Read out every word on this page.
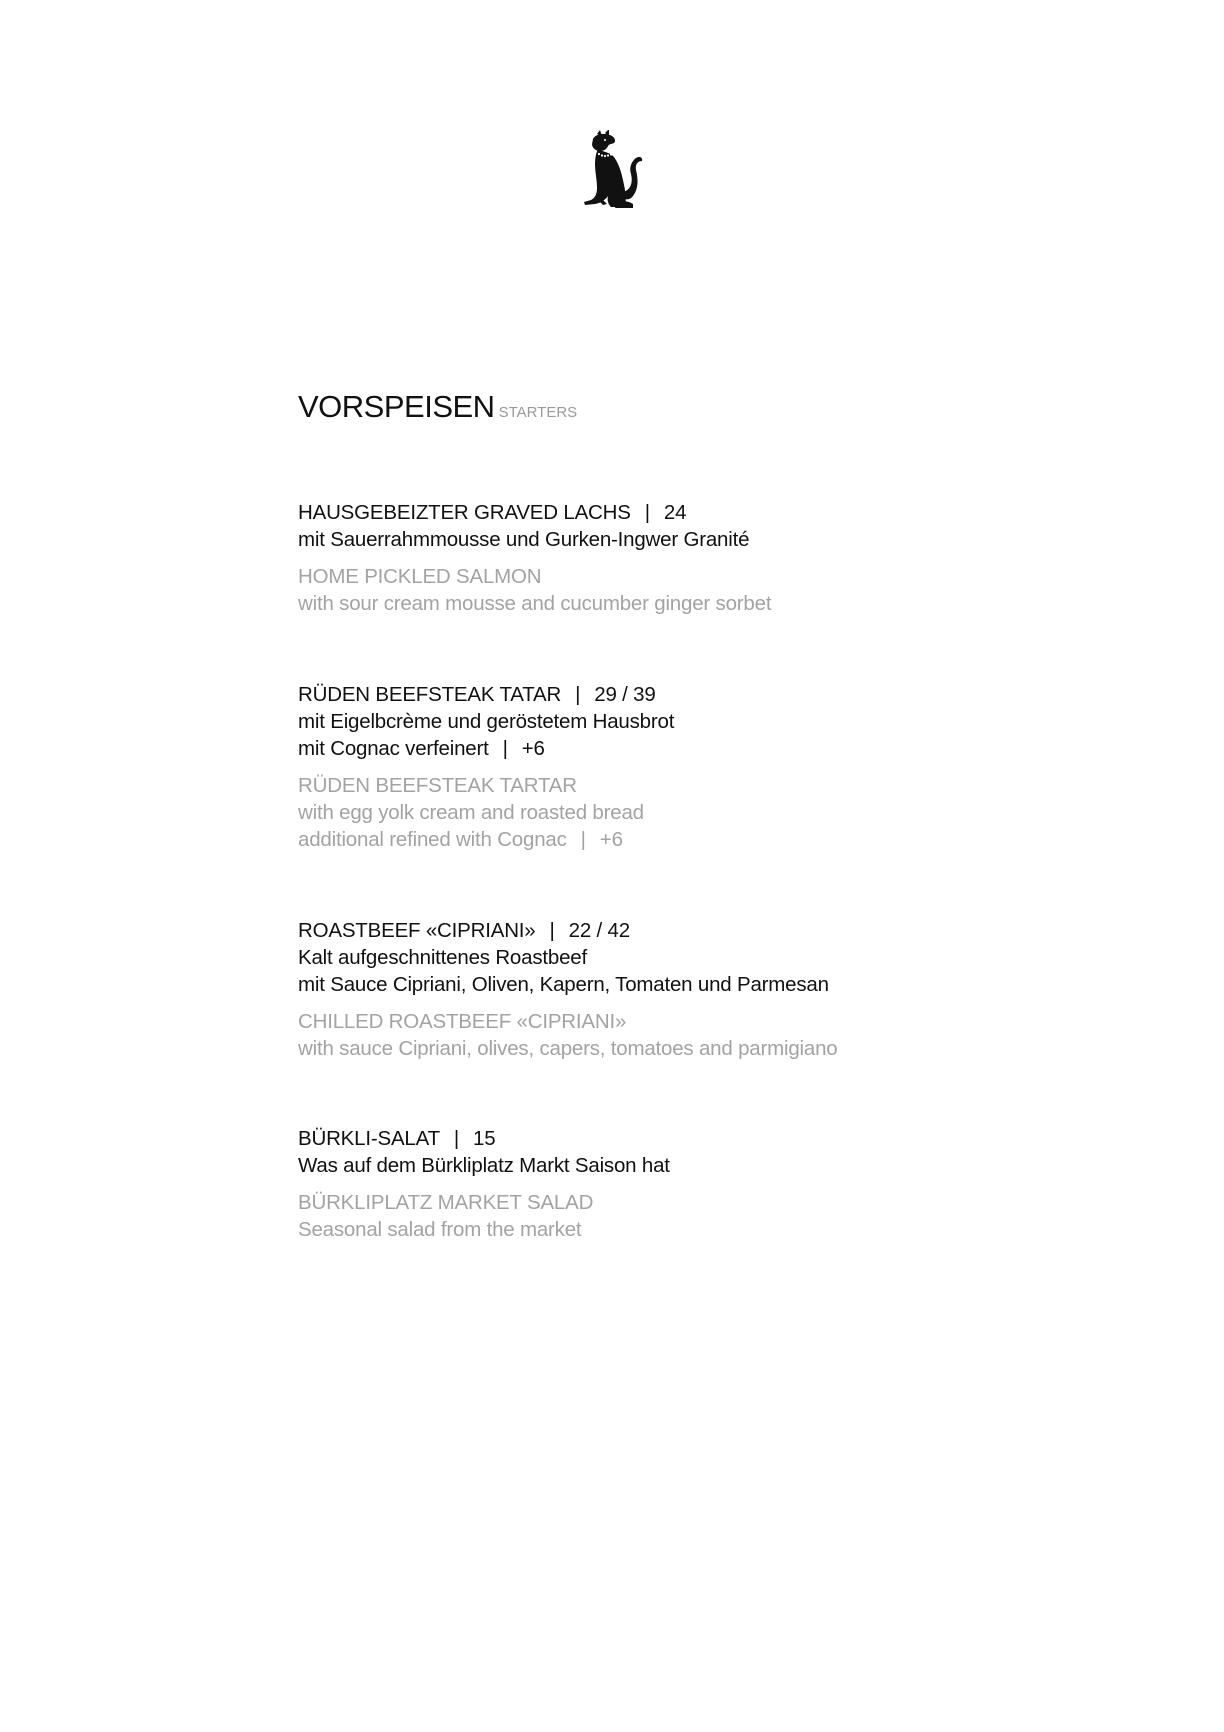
VORSPEISEN STARTERS
HAUSGEBEIZTER GRAVED LACHS | 24
mit Sauerrahmmousse und Gurken-Ingwer Granité
HOME PICKLED SALMON
with sour cream mousse and cucumber ginger sorbet
RÜDEN BEEFSTEAK TATAR | 29 / 39
mit Eigelbcrème und geröstetem Hausbrot
mit Cognac verfeinert | +6
RÜDEN BEEFSTEAK TARTAR
with egg yolk cream and roasted bread
additional refined with Cognac | +6
ROASTBEEF «CIPRIANI» | 22 / 42
Kalt aufgeschnittenes Roastbeef
mit Sauce Cipriani, Oliven, Kapern, Tomaten und Parmesan
CHILLED ROASTBEEF «CIPRIANI»
with sauce Cipriani, olives, capers, tomatoes and parmigiano
BÜRKLI-SALAT | 15
Was auf dem Bürkliplatz Markt Saison hat
BÜRKLIPLATZ MARKET SALAD
Seasonal salad from the market
